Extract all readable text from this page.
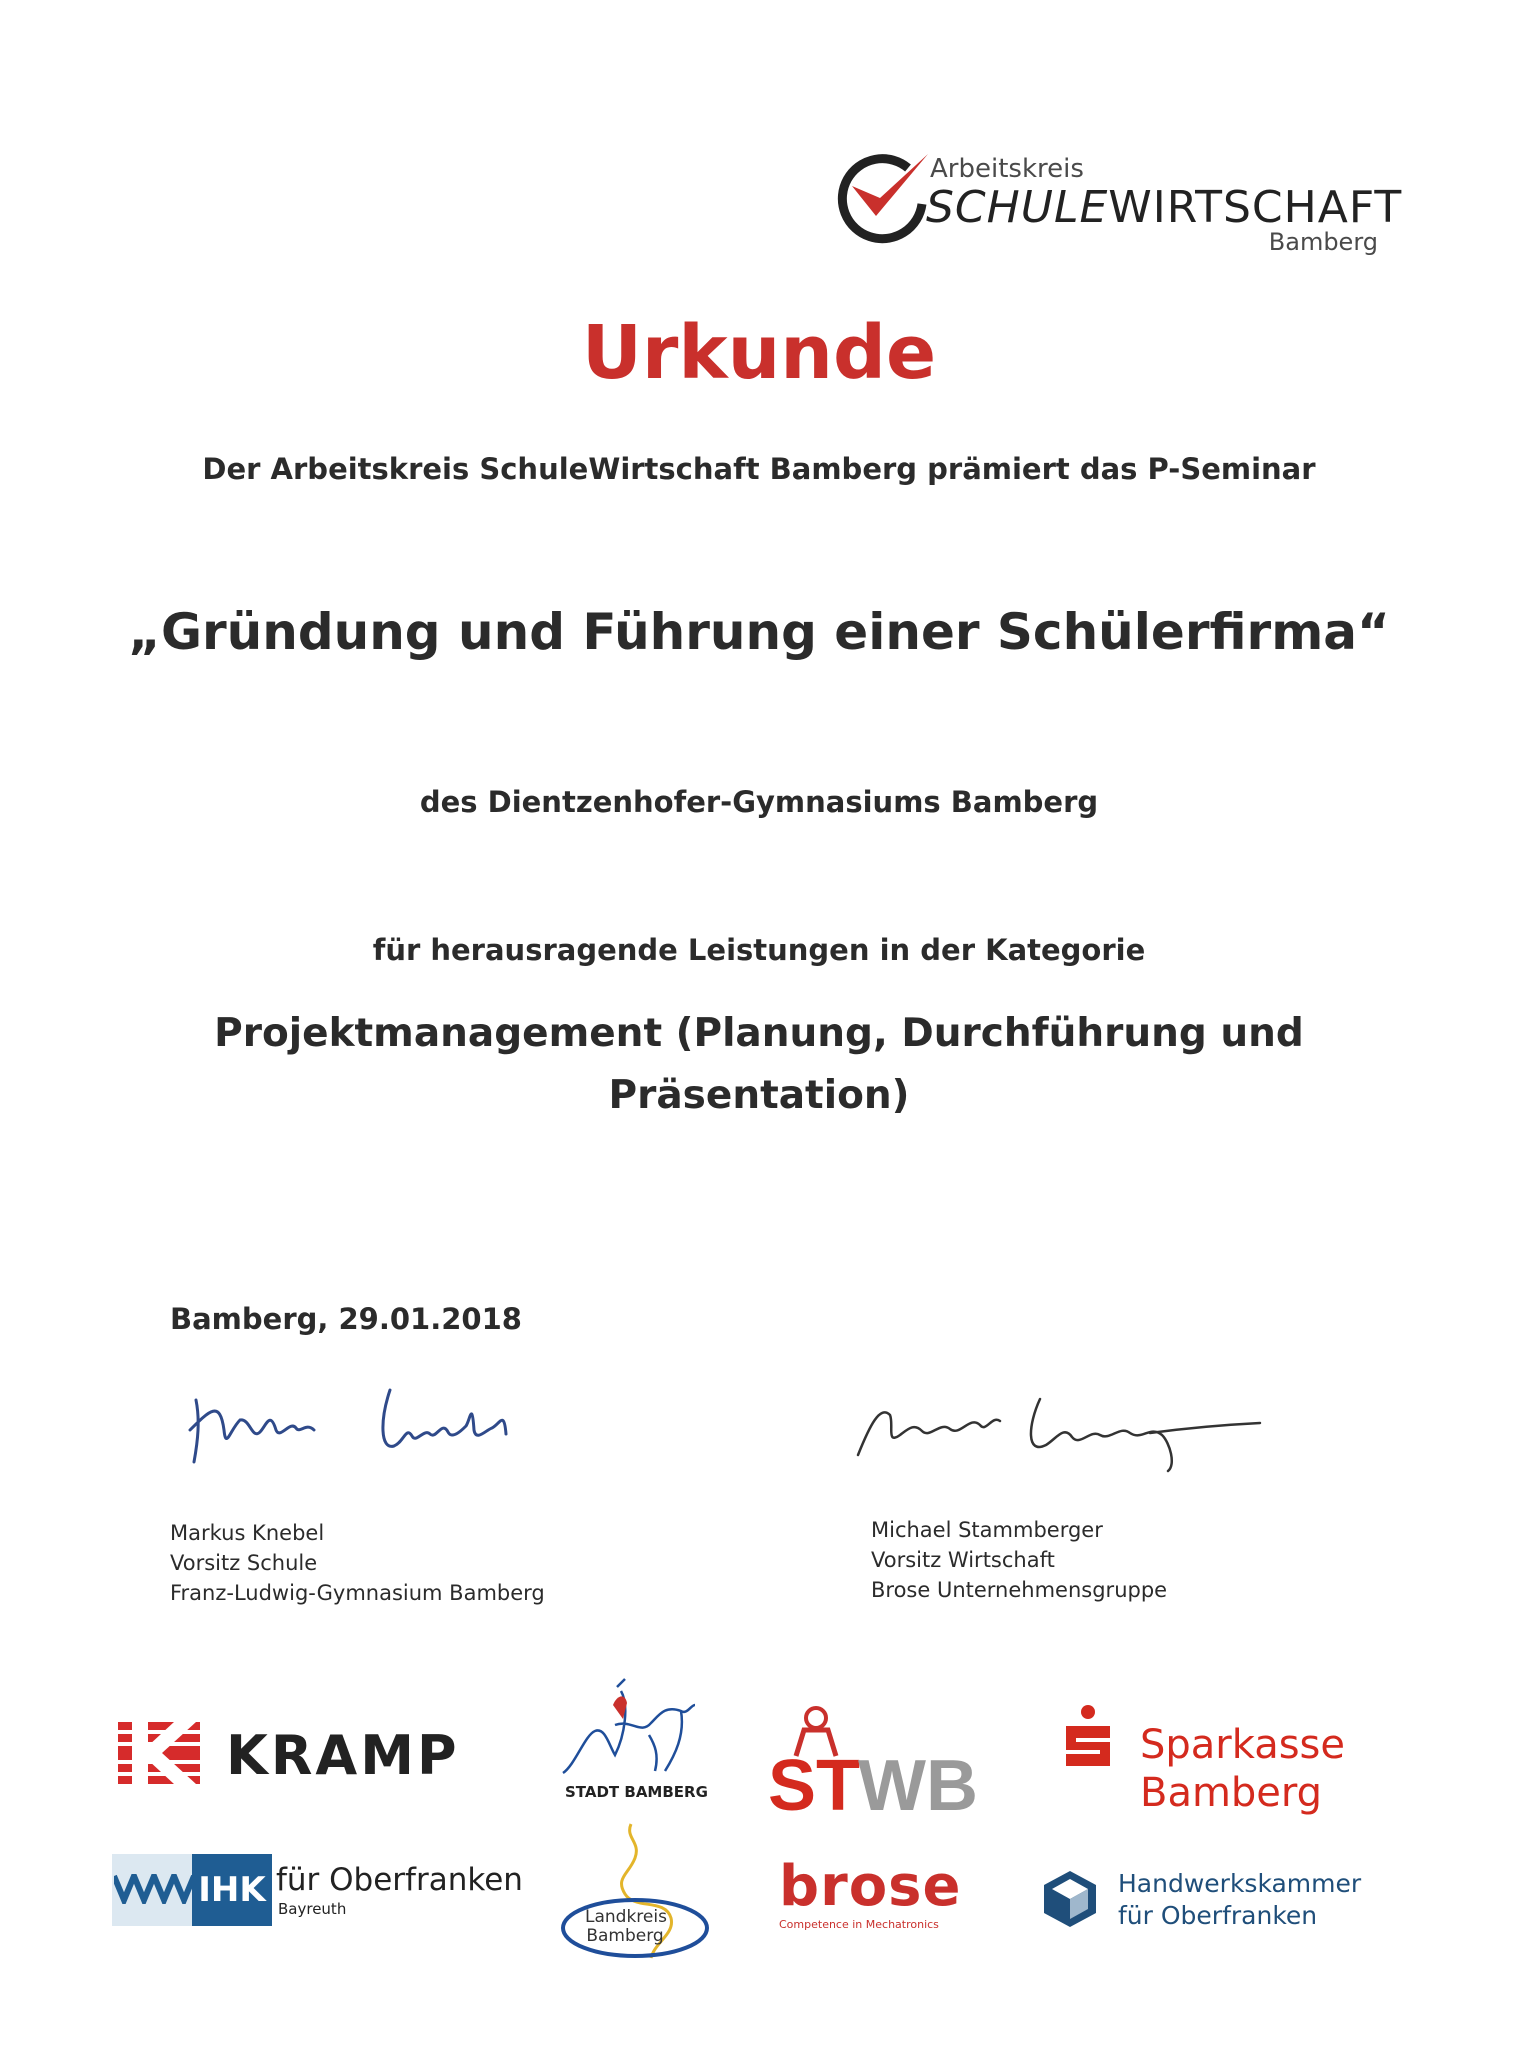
Arbeitskreis
SCHULEWIRTSCHAFT
Bamberg
Urkunde
Der Arbeitskreis SchuleWirtschaft Bamberg prämiert das P-Seminar
„Gründung und Führung einer Schülerfirma“
des Dientzenhofer-Gymnasiums Bamberg
für herausragende Leistungen in der Kategorie
Projektmanagement (Planung, Durchführung und
Präsentation)
Bamberg, 29.01.2018
Markus Knebel
Vorsitz Schule
Franz-Ludwig-Gymnasium Bamberg
Michael Stammberger
Vorsitz Wirtschaft
Brose Unternehmensgruppe
KRAMP
STADT BAMBERG ST
WB
Sparkasse
Bamberg
IHK für Oberfranken
Bayreuth	Landkreis
Bamberg
brose
Competence in Mechatronics
Handwerkskammer
für Oberfranken
